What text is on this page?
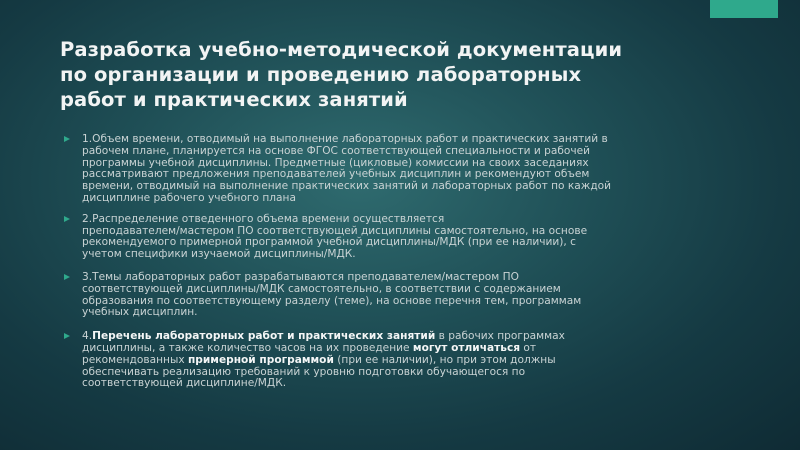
Разработка учебно-методической документации
по организации и проведению лабораторных
работ и практических занятий
1.Объем времени, отводимый на выполнение лабораторных работ и практических занятий в
рабочем плане, планируется на основе ФГОС соответствующей специальности и рабочей
программы учебной дисциплины. Предметные (цикловые) комиссии на своих заседаниях
рассматривают предложения преподавателей учебных дисциплин и рекомендуют объем
времени, отводимый на выполнение практических занятий и лабораторных работ по каждой
дисциплине рабочего учебного плана
2.Распределение отведенного объема времени осуществляется
преподавателем/мастером ПО соответствующей дисциплины самостоятельно, на основе
рекомендуемого примерной программой учебной дисциплины/МДК (при ее наличии), с
учетом специфики изучаемой дисциплины/МДК.
3.Темы лабораторных работ разрабатываются преподавателем/мастером ПО
соответствующей дисциплины/МДК самостоятельно, в соответствии с содержанием
образования по соответствующему разделу (теме), на основе перечня тем, программам
учебных дисциплин.
4.Перечень лабораторных работ и практических занятий в рабочих программах
дисциплины, а также количество часов на их проведение могут отличаться от
рекомендованных примерной программой (при ее наличии), но при этом должны
обеспечивать реализацию требований к уровню подготовки обучающегося по
соответствующей дисциплине/МДК.
